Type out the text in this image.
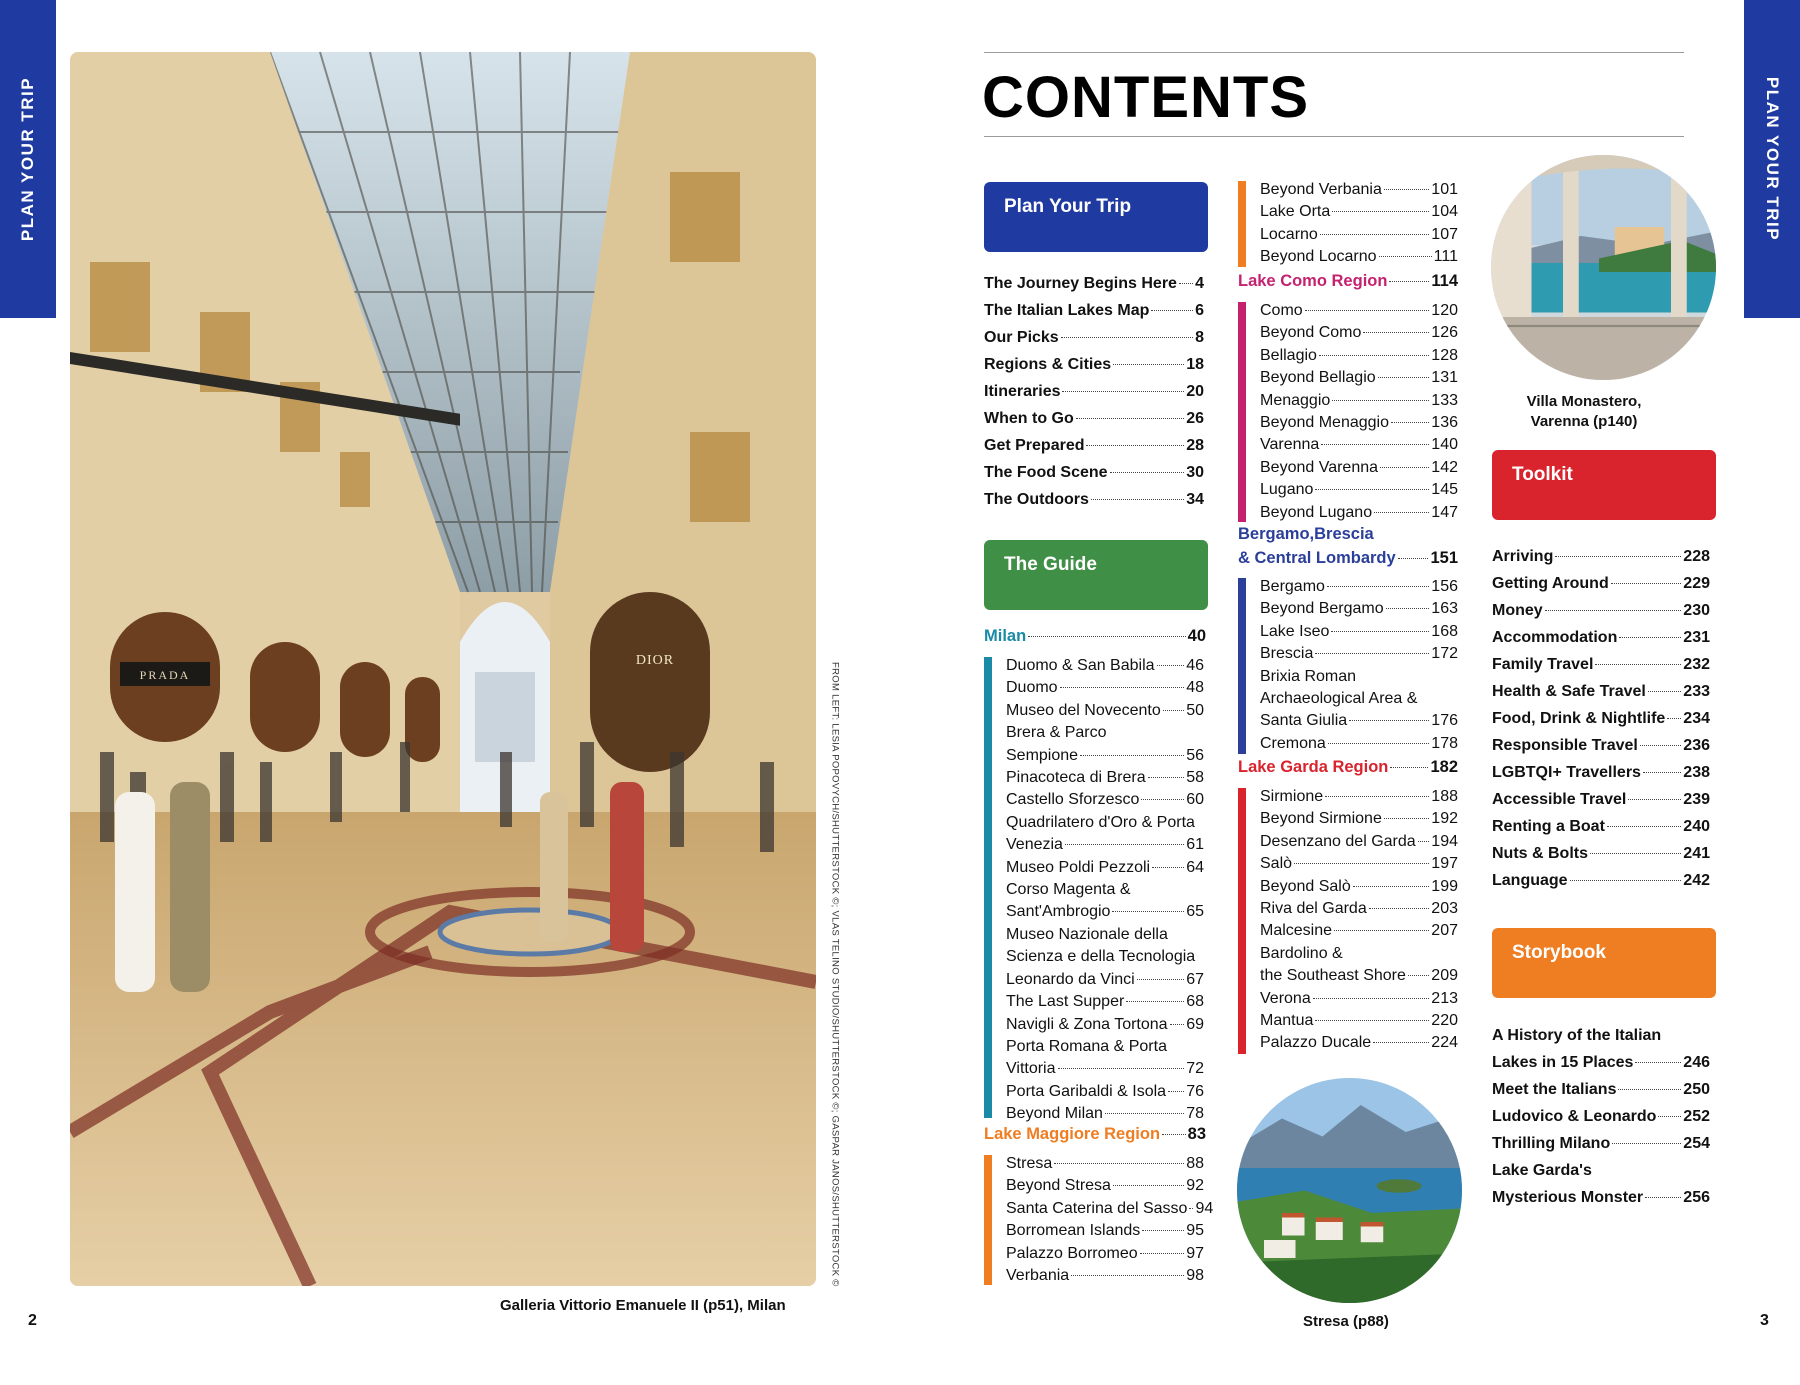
PLAN YOUR TRIP	PLAN YOUR TRIP
PRADA
DIOR
FROM LEFT: LESIA POPOVYCH/SHUTTERSTOCK ©; VLAS TELINO STUDIO/SHUTTERSTOCK ©; GASPAR JANOS/SHUTTERSTOCK ©
Galleria Vittorio Emanuele II (p51), Milan
2	3
CONTENTS
Plan Your Trip
The Journey Begins Here 4
The Italian Lakes Map	6
Our Picks	8
Regions & Cities	18
Itineraries	20
When to Go	26
Get Prepared	28
The Food Scene	30
The Outdoors	34
The Guide
Milan	40
Duomo & San Babila 46
Duomo	48
Museo del Novecento 50
Brera & Parco
Sempione	56
Pinacoteca di Brera	58
Castello Sforzesco	60
Quadrilatero d'Oro & Porta
Venezia	61
Museo Poldi Pezzoli 64
Corso Magenta &
Sant'Ambrogio	65
Museo Nazionale della
Scienza e della Tecnologia
Leonardo da Vinci	67
The Last Supper	68
Navigli & Zona Tortona 69
Porta Romana & Porta
Vittoria	72
Porta Garibaldi & Isola 76
Beyond Milan	78
Lake Maggiore Region 83
Stresa	88
Beyond Stresa	92
Santa Caterina del Sasso 94
Borromean Islands	95
Palazzo Borromeo	97
Verbania	98
Beyond Verbania	101
Lake Orta	104
Locarno	107
Beyond Locarno	111
Lake Como Region	114
Como	120
Beyond Como	126
Bellagio	128
Beyond Bellagio	131
Menaggio	133
Beyond Menaggio	136
Varenna	140
Beyond Varenna	142
Lugano	145
Beyond Lugano	147
Bergamo,Brescia
& Central Lombardy 151
Bergamo	156
Beyond Bergamo	163
Lake Iseo	168
Brescia	172
Brixia Roman
Archaeological Area &
Santa Giulia	176
Cremona	178
Lake Garda Region	182
Sirmione	188
Beyond Sirmione	192
Desenzano del Garda 194
Salò	197
Beyond Salò	199
Riva del Garda	203
Malcesine	207
Bardolino &
the Southeast Shore 209
Verona	213
Mantua	220
Palazzo Ducale	224
Stresa (p88)
Villa Monastero,
Varenna (p140)
Toolkit
Arriving	228
Getting Around	229
Money	230
Accommodation	231
Family Travel	232
Health & Safe Travel 233
Food, Drink & Nightlife 234
Responsible Travel	236
LGBTQI+ Travellers	238
Accessible Travel	239
Renting a Boat	240
Nuts & Bolts	241
Language	242
Storybook
A History of the Italian
Lakes in 15 Places	246
Meet the Italians	250
Ludovico & Leonardo 252
Thrilling Milano	254
Lake Garda's
Mysterious Monster	256
